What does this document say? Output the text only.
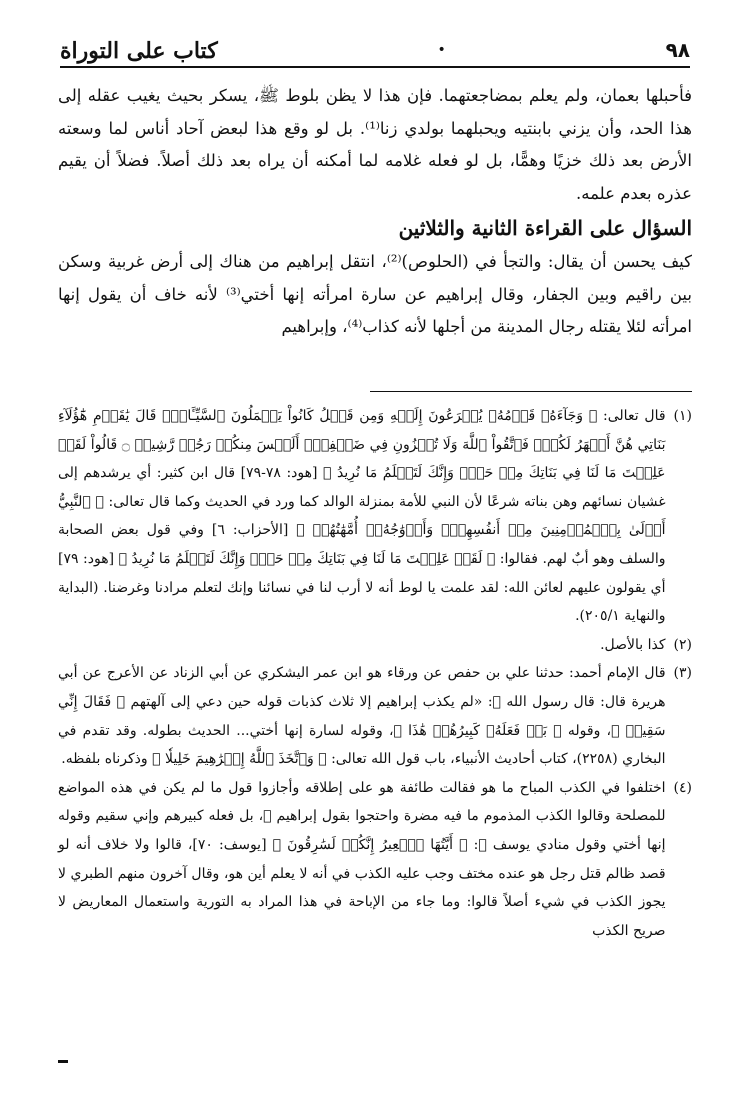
٩٨
•
كتاب على التوراة

فأحبلها بعمان، ولم يعلم بمضاجعتهما. فإن هذا لا يظن بلوط ﷺ، يسكر بحيث يغيب عقله إلى هذا الحد، وأن يزني بابنتيه ويحبلهما بولدي زنا⁽¹⁾. بل لو وقع هذا لبعض آحاد أناس لما وسعته الأرض بعد ذلك خزيًا وهمًّا، بل لو فعله غلامه لما أمكنه أن يراه بعد ذلك أصلاً. فضلاً أن يقيم عذره بعدم علمه.

السؤال على القراءة الثانية والثلاثين

كيف يحسن أن يقال: والتجأ في (الحلوص)⁽²⁾، انتقل إبراهيم من هناك إلى أرض غربية وسكن بين راقيم وبين الجفار، وقال إبراهيم عن سارة امرأته إنها أختي⁽³⁾ لأنه خاف أن يقول إنها امرأته لئلا يقتله رجال المدينة من أجلها لأنه كذاب⁽⁴⁾، وإبراهيم

(١)
قال تعالى: ﴿ وَجَآءَهُۥ قَوۡمُهُۥ يُهۡرَعُونَ إِلَيۡهِ وَمِن قَبۡلُ كَانُواْ يَعۡمَلُونَ ٱلسَّيِّـَٔاتِۚ قَالَ يَٰقَوۡمِ هَٰٓؤُلَآءِ بَنَاتِي هُنَّ أَطۡهَرُ لَكُمۡۖ فَٱتَّقُواْ ٱللَّهَ وَلَا تُخۡزُونِ فِي ضَيۡفِيٓۖ أَلَيۡسَ مِنكُمۡ رَجُلٞ رَّشِيدٞ ۝ قَالُواْ لَقَدۡ عَلِمۡتَ مَا لَنَا فِي بَنَاتِكَ مِنۡ حَقّٖ وَإِنَّكَ لَتَعۡلَمُ مَا نُرِيدُ ﴾ [هود: ٧٨-٧٩] قال ابن كثير: أي يرشدهم إلى غشيان نسائهم وهن بناته شرعًا لأن النبي للأمة بمنزلة الوالد كما ورد في الحديث وكما قال تعالى: ﴿ ٱلنَّبِيُّ أَوۡلَىٰ بِٱلۡمُؤۡمِنِينَ مِنۡ أَنفُسِهِمۡۖ وَأَزۡوَٰجُهُۥٓ أُمَّهَٰتُهُمۡ ﴾ [الأحزاب: ٦] وفي قول بعض الصحابة والسلف وهو أبٌ لهم. فقالوا: ﴿ لَقَدۡ عَلِمۡتَ مَا لَنَا فِي بَنَاتِكَ مِنۡ حَقّٖ وَإِنَّكَ لَتَعۡلَمُ مَا نُرِيدُ ﴾ [هود: ٧٩] أي يقولون عليهم لعائن الله: لقد علمت يا لوط أنه لا أرب لنا في نسائنا وإنك لتعلم مرادنا وغرضنا. (البداية والنهاية ٢٠٥/١).
(٢)
كذا بالأصل.
(٣)
قال الإمام أحمد: حدثنا علي بن حفص عن ورقاء هو ابن عمر اليشكري عن أبي الزناد عن الأعرج عن أبي هريرة قال: قال رسول الله ﷺ: «لم يكذب إبراهيم إلا ثلاث كذبات قوله حين دعي إلى آلهتهم ﴿ فَقَالَ إِنِّي سَقِيمٞ ﴾، وقوله ﴿ بَلۡ فَعَلَهُۥ كَبِيرُهُمۡ هَٰذَا ﴾، وقوله لسارة إنها أختي... الحديث بطوله. وقد تقدم في البخاري (٢٢٥٨)، كتاب أحاديث الأنبياء، باب قول الله تعالى: ﴿ وَٱتَّخَذَ ٱللَّهُ إِبۡرَٰهِيمَ خَلِيلٗا ﴾ وذكرناه بلفظه.
(٤)
اختلفوا في الكذب المباح ما هو فقالت طائفة هو على إطلاقه وأجازوا قول ما لم يكن في هذه المواضع للمصلحة وقالوا الكذب المذموم ما فيه مضرة واحتجوا بقول إبراهيم ﷺ، بل فعله كبيرهم وإني سقيم وقوله إنها أختي وقول منادي يوسف ﷺ: ﴿ أَيَّتُهَا ٱلۡعِيرُ إِنَّكُمۡ لَسَٰرِقُونَ ﴾ [يوسف: ٧٠]، قالوا ولا خلاف أنه لو قصد ظالم قتل رجل هو عنده مختف وجب عليه الكذب في أنه لا يعلم أين هو، وقال آخرون منهم الطبري لا يجوز الكذب في شيء أصلاً قالوا: وما جاء من الإباحة في هذا المراد به التورية واستعمال المعاريض لا صريح الكذب
